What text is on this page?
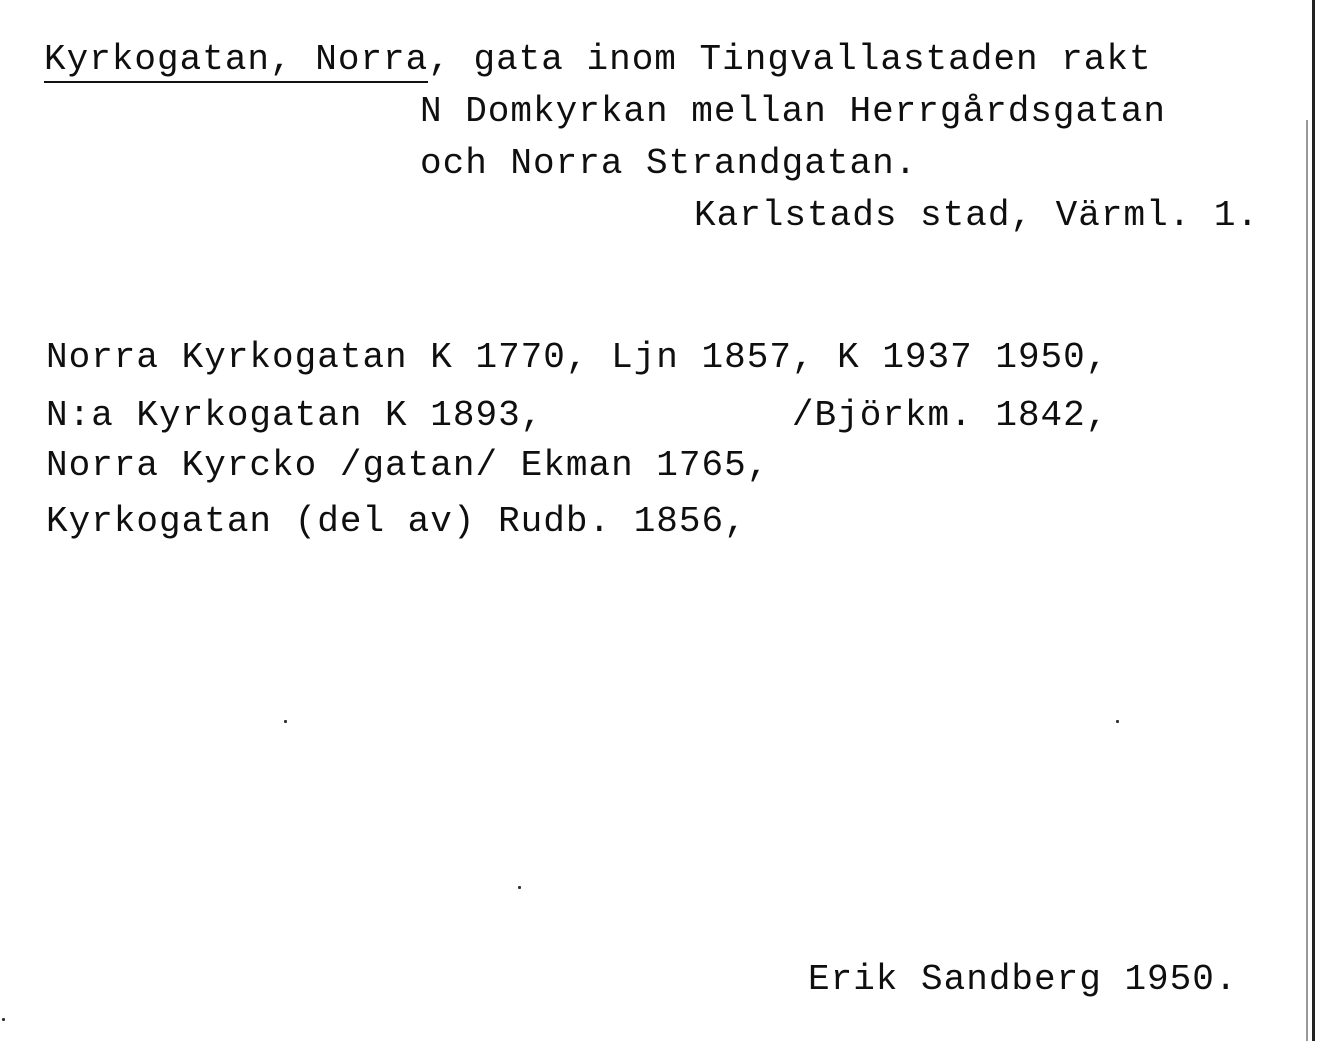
Kyrkogatan, Norra, gata inom Tingvallastaden rakt
N Domkyrkan mellan Herrgårdsgatan
och Norra Strandgatan.
Karlstads stad, Värml. 1.
Norra Kyrkogatan K 1770, Ljn 1857, K 1937 1950,
N:a Kyrkogatan K 1893,           /Björkm. 1842,
Norra Kyrcko /gatan/ Ekman 1765,
Kyrkogatan (del av) Rudb. 1856,
Erik Sandberg 1950.
